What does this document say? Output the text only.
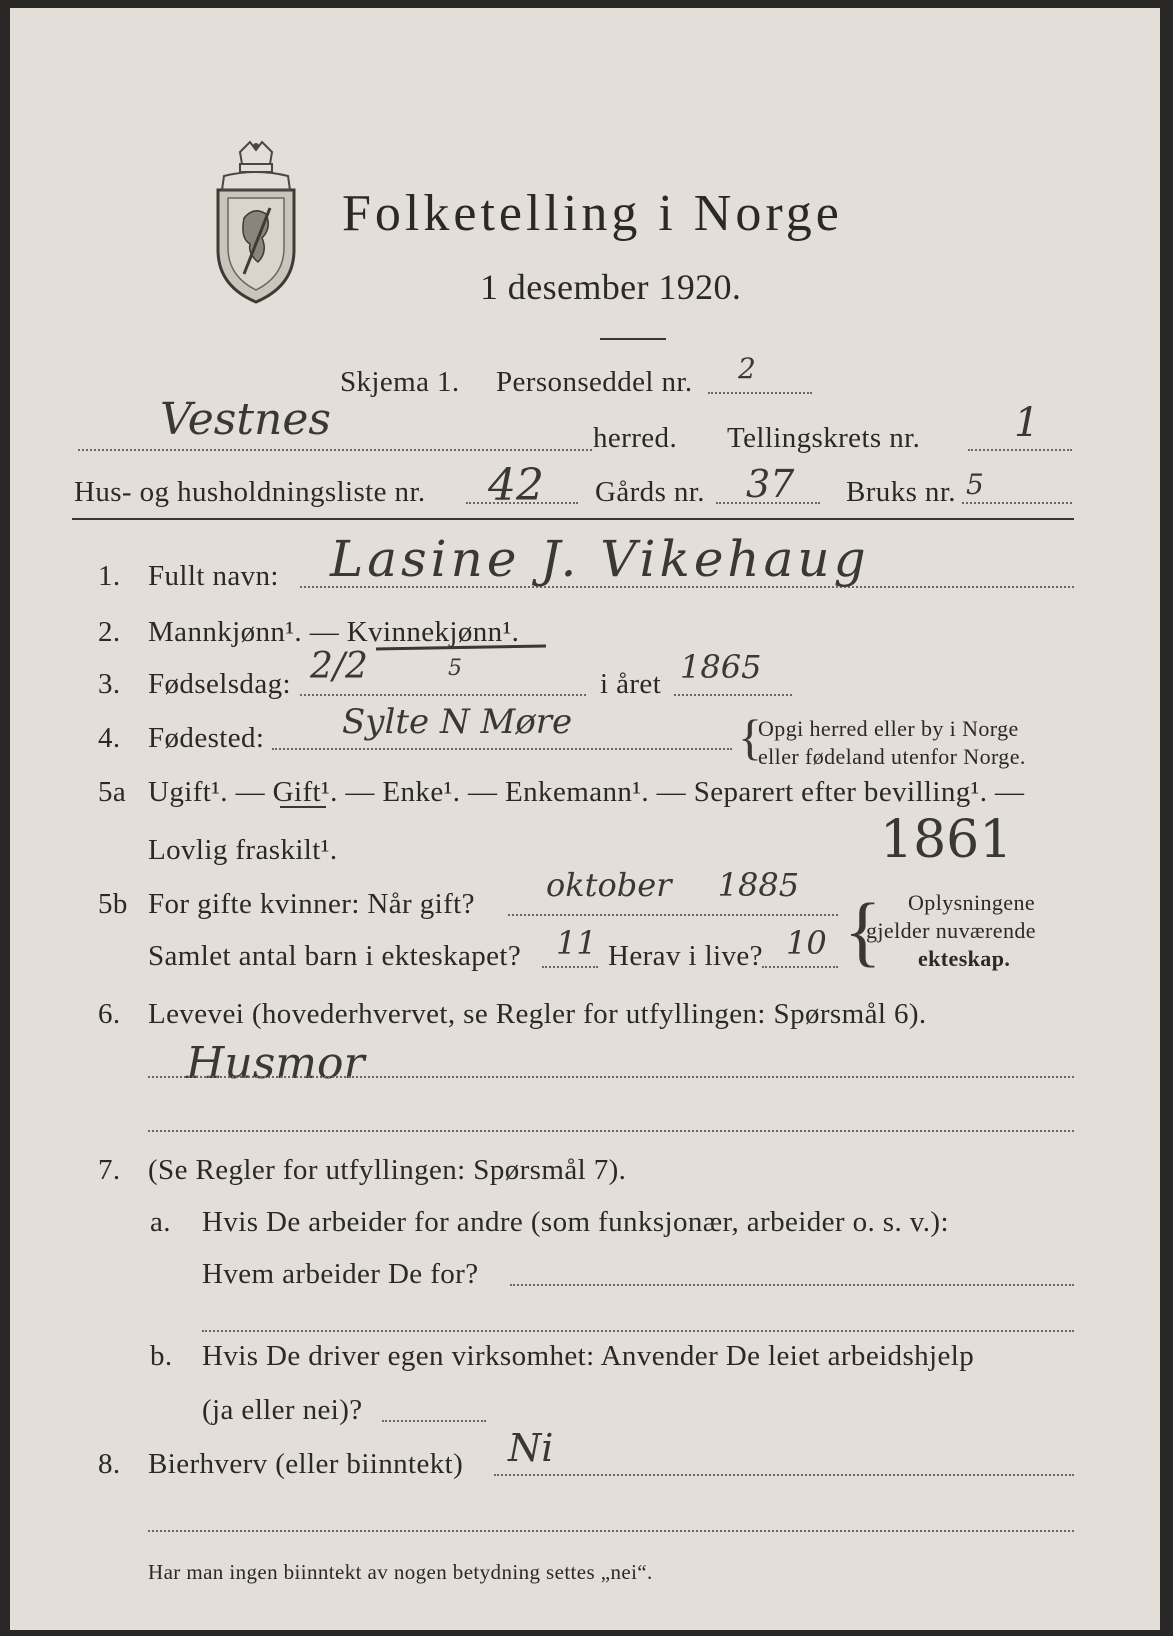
Folketelling i Norge
1 desember 1920.
Skjema 1. Personseddel nr. 2
Vestnes	herred. Tellingskrets nr. 1
Hus- og husholdningsliste nr. 42 Gårds nr. 37 Bruks nr. 5
1. Fullt navn: Lasine J. Vikehaug
2. Mannkjønn¹. — Kvinnekjønn¹.
3. Fødselsdag: 2/2	5	i året 1865
4. Fødested: Sylte N Møre	{
Opgi herred eller by i Norge
eller fødeland utenfor Norge.
5a Ugift¹. — Gift¹. — Enke¹. — Enkemann¹. — Separert efter bevilling¹. —
Lovlig fraskilt¹.	1861
5b For gifte kvinner: Når gift? oktober 1885
Samlet antal barn i ekteskapet? 11 Herav i live? 10 { Oplysningene
gjelder nuværende
ekteskap.
6. Levevei (hovederhvervet, se Regler for utfyllingen: Spørsmål 6).
Husmor
7. (Se Regler for utfyllingen: Spørsmål 7).
a. Hvis De arbeider for andre (som funksjonær, arbeider o. s. v.):
Hvem arbeider De for?
b. Hvis De driver egen virksomhet: Anvender De leiet arbeidshjelp
(ja eller nei)?
8. Bierhverv (eller biinntekt) Ni
Har man ingen biinntekt av nogen betydning settes „nei“.
